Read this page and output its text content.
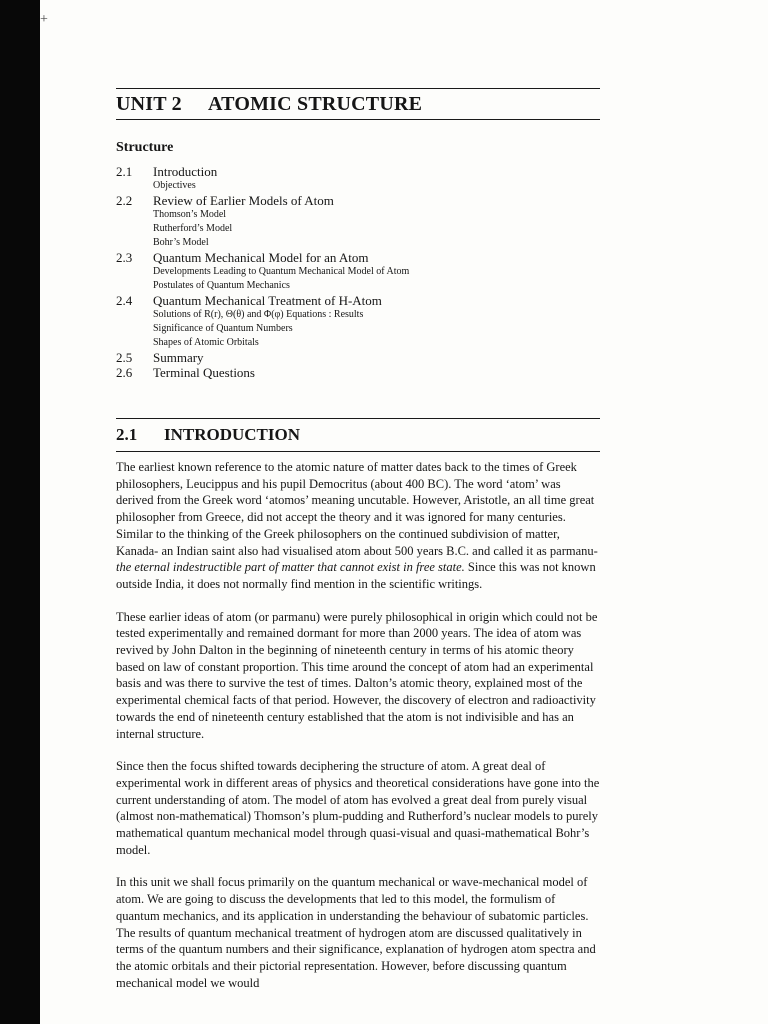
+
UNIT 2 ATOMIC STRUCTURE
Structure
2.1	Introduction
Objectives
2.2	Review of Earlier Models of Atom
Thomson’s Model
Rutherford’s Model
Bohr’s Model
2.3	Quantum Mechanical Model for an Atom
Developments Leading to Quantum Mechanical Model of Atom
Postulates of Quantum Mechanics
2.4	Quantum Mechanical Treatment of H-Atom
Solutions of R(r), Θ(θ) and Φ(φ) Equations : Results
Significance of Quantum Numbers
Shapes of Atomic Orbitals
2.5	Summary
2.6	Terminal Questions
2.1 INTRODUCTION

The earliest known reference to the atomic nature of matter dates back to the times of Greek philosophers, Leucippus and his pupil Democritus (about 400 BC). The word ‘atom’ was derived from the Greek word ‘atomos’ meaning uncutable. However, Aristotle, an all time great philosopher from Greece, did not accept the theory and it was ignored for many centuries. Similar to the thinking of the Greek philosophers on the continued subdivision of matter, Kanada- an Indian saint also had visualised atom about 500 years B.C. and called it as parmanu-the eternal indestructible part of matter that cannot exist in free state. Since this was not known outside India, it does not normally find mention in the scientific writings.

These earlier ideas of atom (or parmanu) were purely philosophical in origin which could not be tested experimentally and remained dormant for more than 2000 years. The idea of atom was revived by John Dalton in the beginning of nineteenth century in terms of his atomic theory based on law of constant proportion. This time around the concept of atom had an experimental basis and was there to survive the test of times. Dalton’s atomic theory, explained most of the experimental chemical facts of that period. However, the discovery of electron and radioactivity towards the end of nineteenth century established that the atom is not indivisible and has an internal structure.

Since then the focus shifted towards deciphering the structure of atom. A great deal of experimental work in different areas of physics and theoretical considerations have gone into the current understanding of atom. The model of atom has evolved a great deal from purely visual (almost non-mathematical) Thomson’s plum-pudding and Rutherford’s nuclear models to purely mathematical quantum mechanical model through quasi-visual and quasi-mathematical Bohr’s model.

In this unit we shall focus primarily on the quantum mechanical or wave-mechanical model of atom. We are going to discuss the developments that led to this model, the formulism of quantum mechanics, and its application in understanding the behaviour of subatomic particles. The results of quantum mechanical treatment of hydrogen atom are discussed qualitatively in terms of the quantum numbers and their significance, explanation of hydrogen atom spectra and the atomic orbitals and their pictorial representation. However, before discussing quantum mechanical model we would
